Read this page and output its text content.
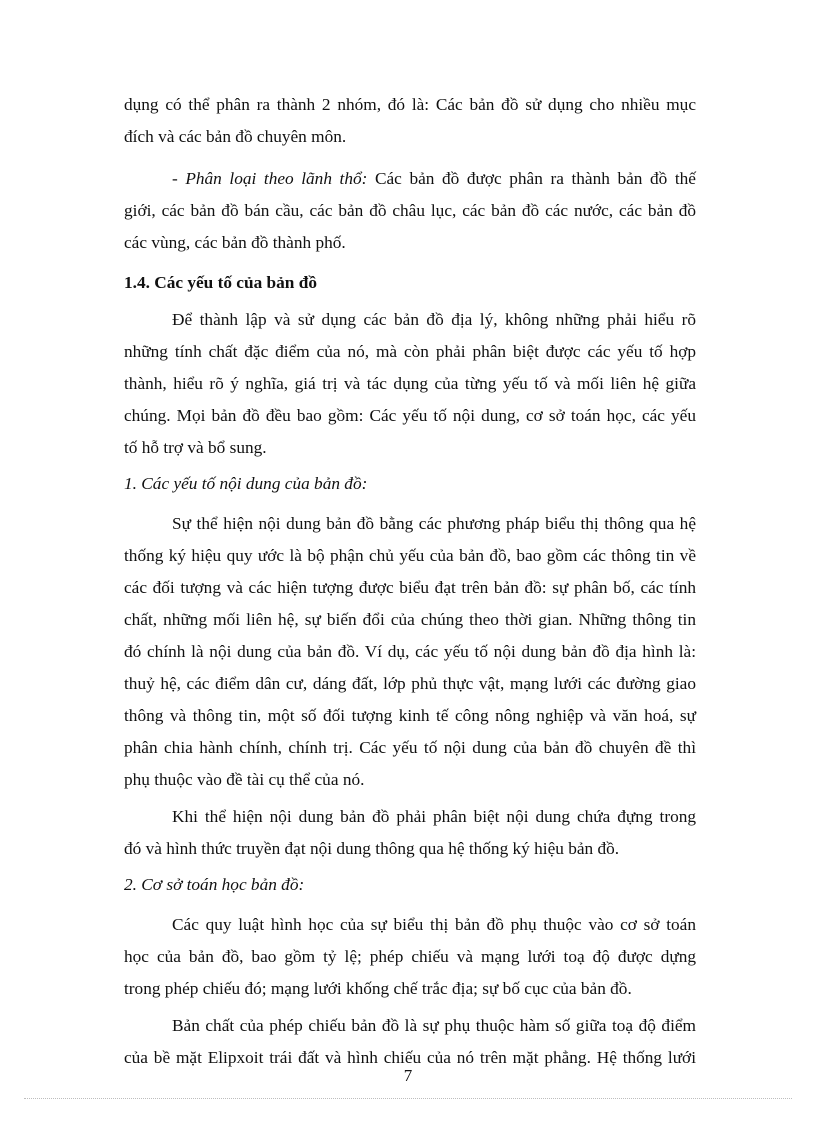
dụng có thể phân ra thành 2 nhóm, đó là: Các bản đồ sử dụng cho nhiều mục
đích và các bản đồ chuyên môn.
- Phân loại theo lãnh thổ: Các bản đồ được phân ra thành bản đồ thế
giới, các bản đồ bán cầu, các bản đồ châu lục, các bản đồ các nước, các bản đồ
các vùng, các bản đồ thành phố.
1.4. Các yếu tố của bản đồ
Để thành lập và sử dụng các bản đồ địa lý, không những phải hiểu rõ
những tính chất đặc điểm của nó, mà còn phải phân biệt được các yếu tố hợp
thành, hiểu rõ ý nghĩa, giá trị và tác dụng của từng yếu tố và mối liên hệ giữa
chúng. Mọi bản đồ đều bao gồm: Các yếu tố nội dung, cơ sở toán học, các yếu
tố hỗ trợ và bổ sung.
1. Các yếu tố nội dung của bản đồ:
Sự thể hiện nội dung bản đồ bằng các phương pháp biểu thị thông qua hệ
thống ký hiệu quy ước là bộ phận chủ yếu của bản đồ, bao gồm các thông tin về
các đối tượng và các hiện tượng được biểu đạt trên bản đồ: sự phân bố, các tính
chất, những mối liên hệ, sự biến đổi của chúng theo thời gian. Những thông tin
đó chính là nội dung của bản đồ. Ví dụ, các yếu tố nội dung bản đồ địa hình là:
thuỷ hệ, các điểm dân cư, dáng đất, lớp phủ thực vật, mạng lưới các đường giao
thông và thông tin, một số đối tượng kinh tế công nông nghiệp và văn hoá, sự
phân chia hành chính, chính trị. Các yếu tố nội dung của bản đồ chuyên đề thì
phụ thuộc vào đề tài cụ thể của nó.
Khi thể hiện nội dung bản đồ phải phân biệt nội dung chứa đựng trong
đó và hình thức truyền đạt nội dung thông qua hệ thống ký hiệu bản đồ.
2. Cơ sở toán học bản đồ:
Các quy luật hình học của sự biểu thị bản đồ phụ thuộc vào cơ sở toán
học của bản đồ, bao gồm tỷ lệ; phép chiếu và mạng lưới toạ độ được dựng
trong phép chiếu đó; mạng lưới khống chế trắc địa; sự bố cục của bản đồ.
Bản chất của phép chiếu bản đồ là sự phụ thuộc hàm số giữa toạ độ điểm
của bề mặt Elipxoit trái đất và hình chiếu của nó trên mặt phẳng. Hệ thống lưới
7
